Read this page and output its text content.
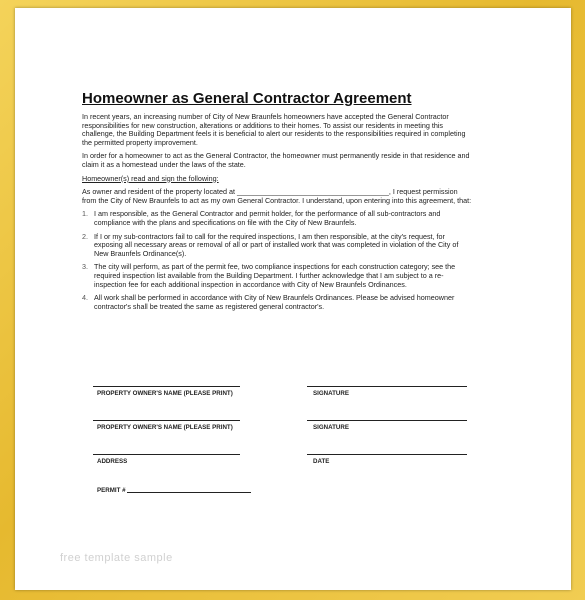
Homeowner as General Contractor Agreement

In recent years, an increasing number of City of New Braunfels homeowners have accepted the General Contractor responsibilities for new construction, alterations or additions to their homes. To assist our residents in meeting this challenge, the Building Department feels it is beneficial to alert our residents to the responsibilities required in completing the permitted property improvement.

In order for a homeowner to act as the General Contractor, the homeowner must permanently reside in that residence and claim it as a homestead under the laws of the state.

Homeowner(s) read and sign the following:

As owner and resident of the property located at ______________________________________, I request permission from the City of New Braunfels to act as my own General Contractor. I understand, upon entering into this agreement, that:

1. I am responsible, as the General Contractor and permit holder, for the performance of all sub-contractors and compliance with the plans and specifications on file with the City of New Braunfels.
2. If I or my sub-contractors fail to call for the required inspections, I am then responsible, at the city's request, for exposing all necessary areas or removal of all or part of installed work that was completed in violation of the City of New Braunfels Ordinance(s).
3. The city will perform, as part of the permit fee, two compliance inspections for each construction category; see the required inspection list available from the Building Department. I further acknowledge that I am subject to a re-inspection fee for each additional inspection in accordance with City of New Braunfels Ordinances.
4. All work shall be performed in accordance with City of New Braunfels Ordinances. Please be advised homeowner contractor's shall be treated the same as registered general contractor's.
PROPERTY OWNER'S NAME (PLEASE PRINT)	SIGNATURE
PROPERTY OWNER'S NAME (PLEASE PRINT)	SIGNATURE
ADDRESS	DATE
PERMIT #
free template sample
